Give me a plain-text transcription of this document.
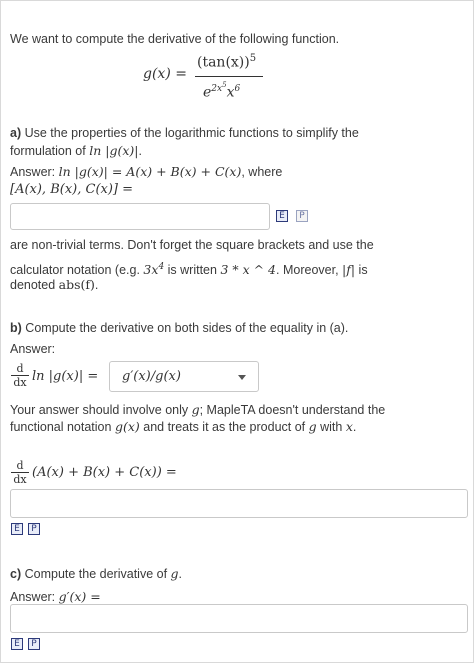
We want to compute the derivative of the following function.
g(x) =
$(\tan(x))^5$
$e^{2x^5}x^6$
a) Use the properties of the logarithmic functions to simplify the
formulation of ln |g(x)|.
Answer: ln |g(x)| = A(x) + B(x) + C(x), where
[A(x), B(x), C(x)] =
E	P
are non-trivial terms. Don't forget the square brackets and use the
calculator notation (e.g. $3x^4$ is written 3 * x ^ 4. Moreover, |f| is
denoted abs(f).
b) Compute the derivative on both sides of the equality in (a).
Answer:
$\frac{d}{dx}$ ln |g(x)| = g′(x)/g(x)
Your answer should involve only g; MapleTA doesn't understand the
functional notation g(x) and treats it as the product of g with x.
$\frac{d}{dx} (A(x) + B(x) + C(x))$ =
E	P
c) Compute the derivative of g.
Answer: g′(x) =
E	P
